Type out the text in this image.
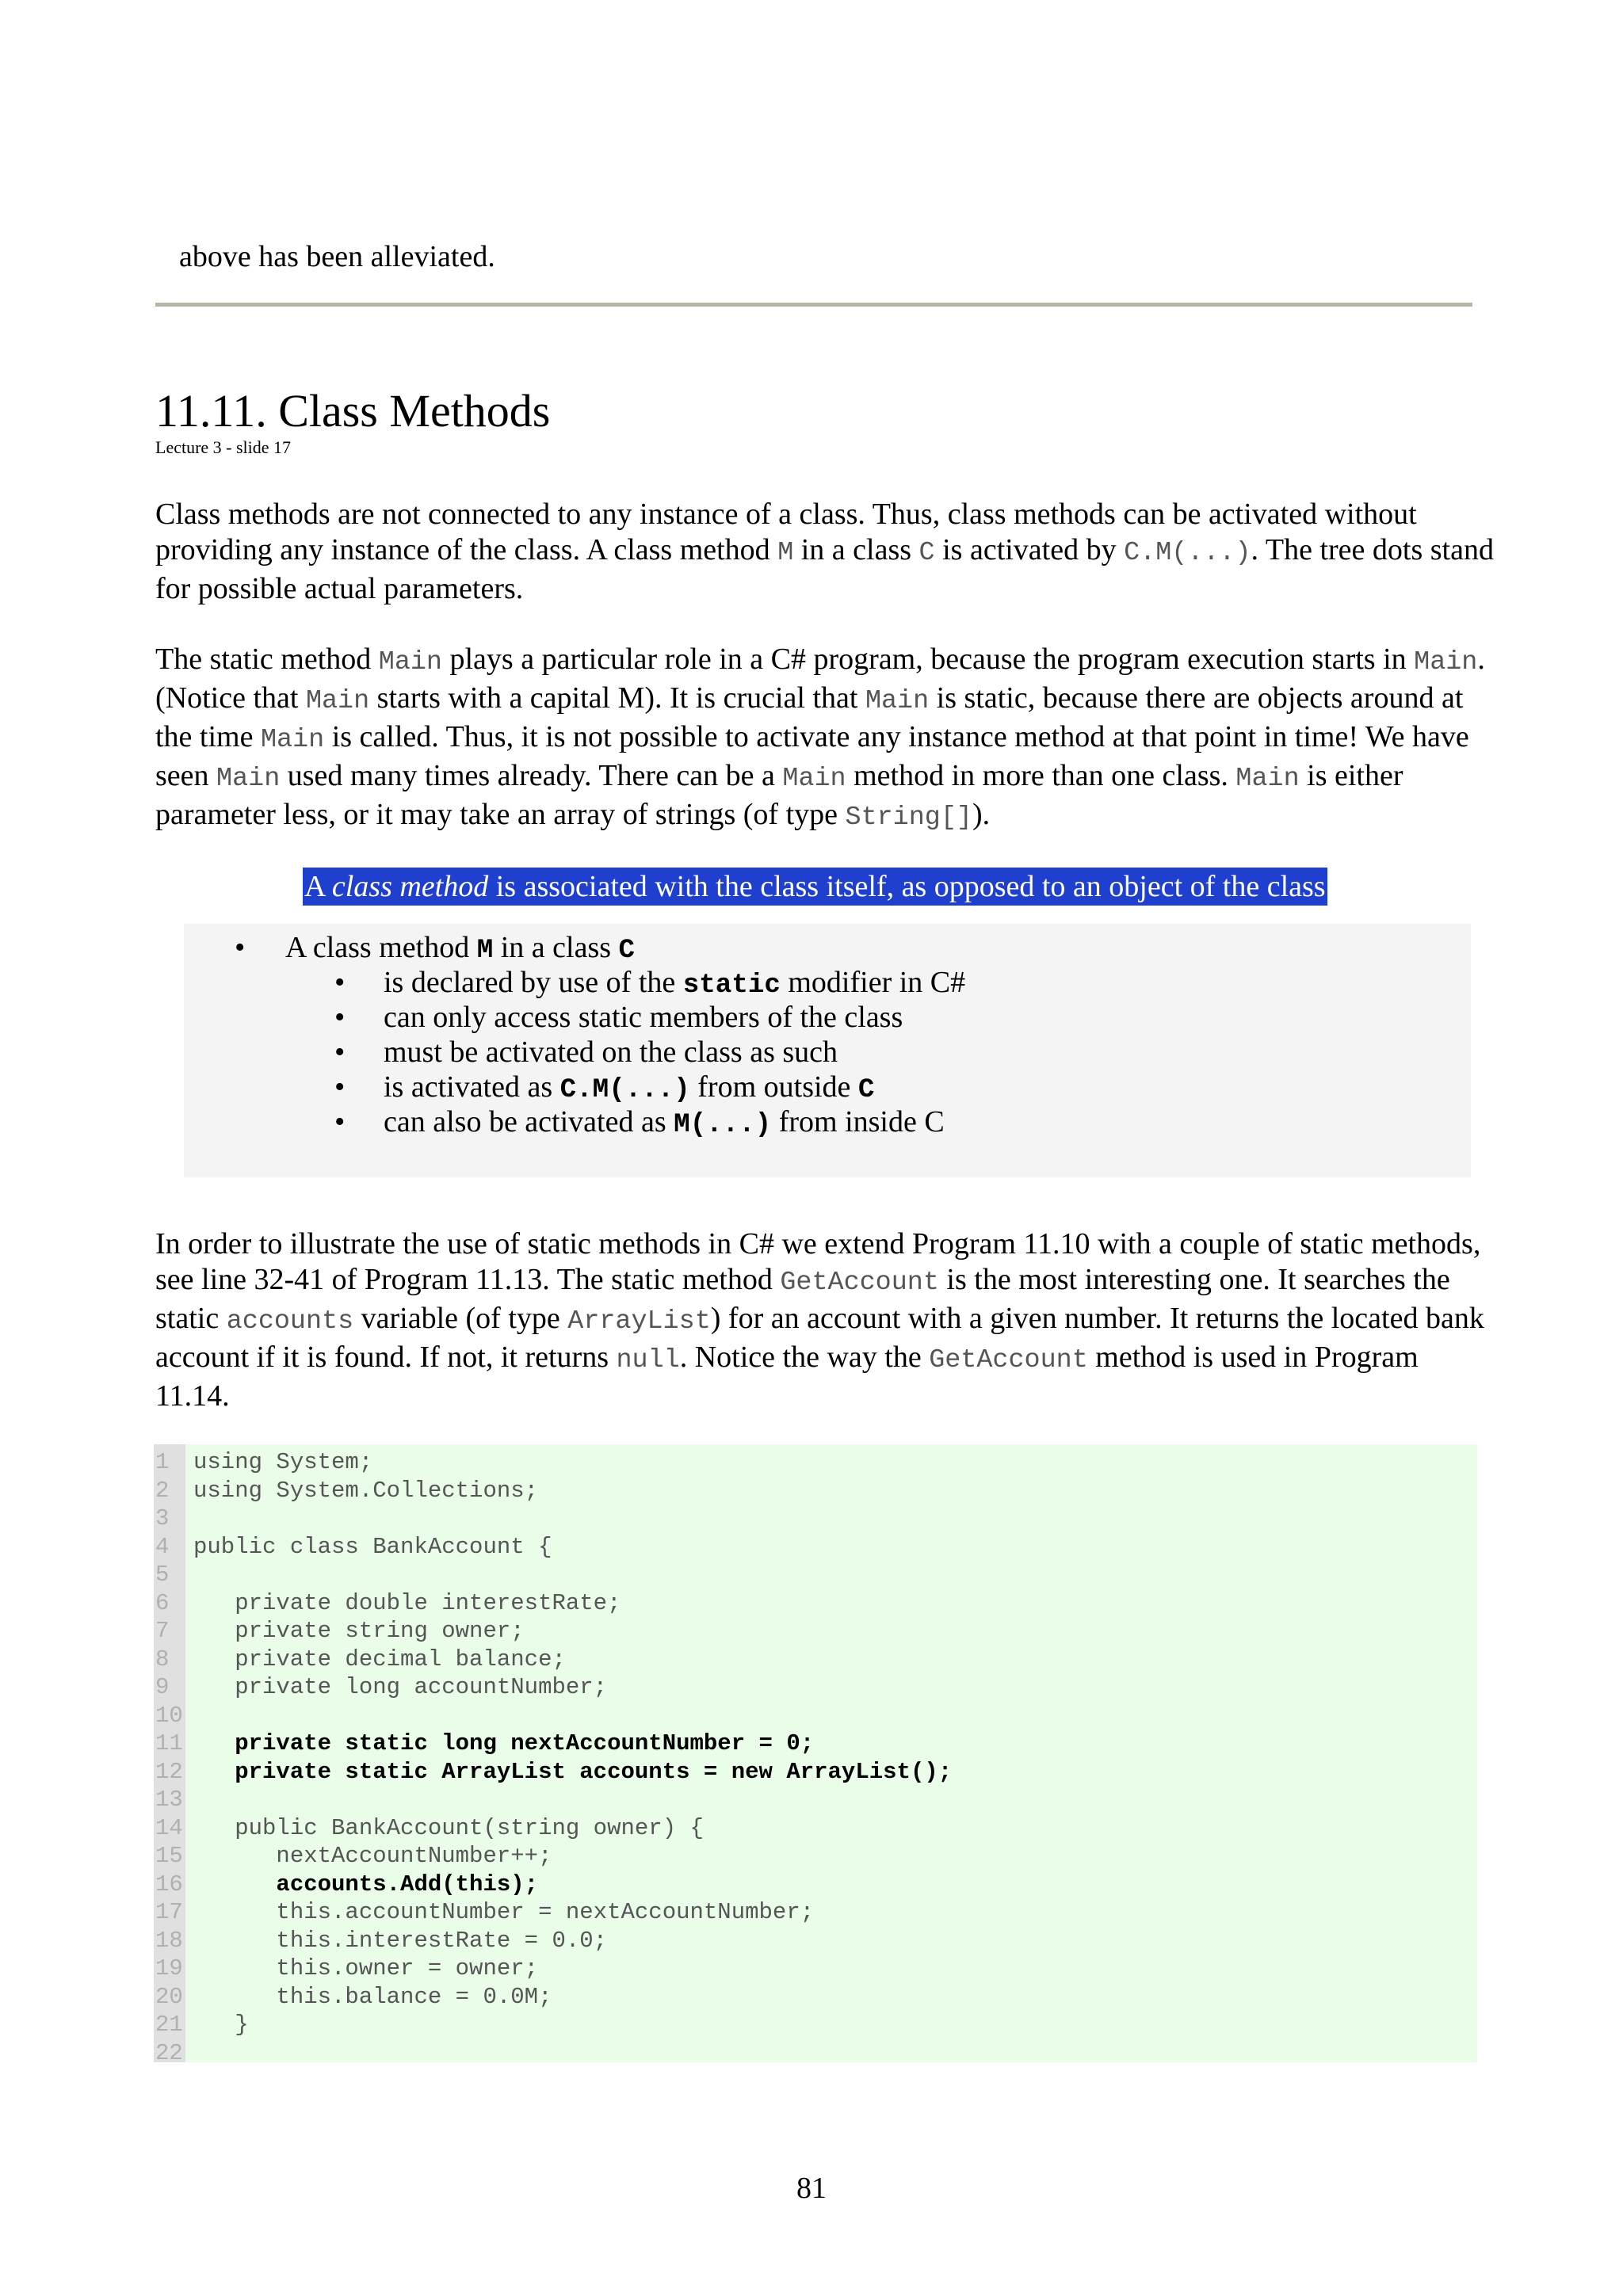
above has been alleviated.

11.11. Class Methods

Lecture 3 - slide 17

Class methods are not connected to any instance of a class. Thus, class methods can be activated without providing any instance of the class. A class method M in a class C is activated by C.M(...). The tree dots stand for possible actual parameters.

The static method Main plays a particular role in a C# program, because the program execution starts in Main. (Notice that Main starts with a capital M). It is crucial that Main is static, because there are objects around at the time Main is called. Thus, it is not possible to activate any instance method at that point in time! We have seen Main used many times already. There can be a Main method in more than one class. Main is either parameter less, or it may take an array of strings (of type String[]).

A class method is associated with the class itself, as opposed to an object of the class
• A class method M in a class C

• is declared by use of the static modifier in C#

• can only access static members of the class

• must be activated on the class as such

• is activated as C.M(...) from outside C

• can also be activated as M(...) from inside C

In order to illustrate the use of static methods in C# we extend Program 11.10 with a couple of static methods, see line 32-41 of Program 11.13. The static method GetAccount is the most interesting one. It searches the static accounts variable (of type ArrayList) for an account with a given number. It returns the located bank account if it is found. If not, it returns null. Notice the way the GetAccount method is used in Program 11.14.

1	using System;
2	using System.Collections;
3
4	public class BankAccount {
5
6	private double interestRate;
7	private string owner;
8	private decimal balance;
9	private long accountNumber;
10
11 private static long nextAccountNumber = 0;
12 private static ArrayList accounts = new ArrayList();
13
14 public BankAccount(string owner) {
15 nextAccountNumber++;
16 accounts.Add(this);
17 this.accountNumber = nextAccountNumber;
18 this.interestRate = 0.0;
19 this.owner = owner;
20 this.balance = 0.0M;
21 }
22
81
